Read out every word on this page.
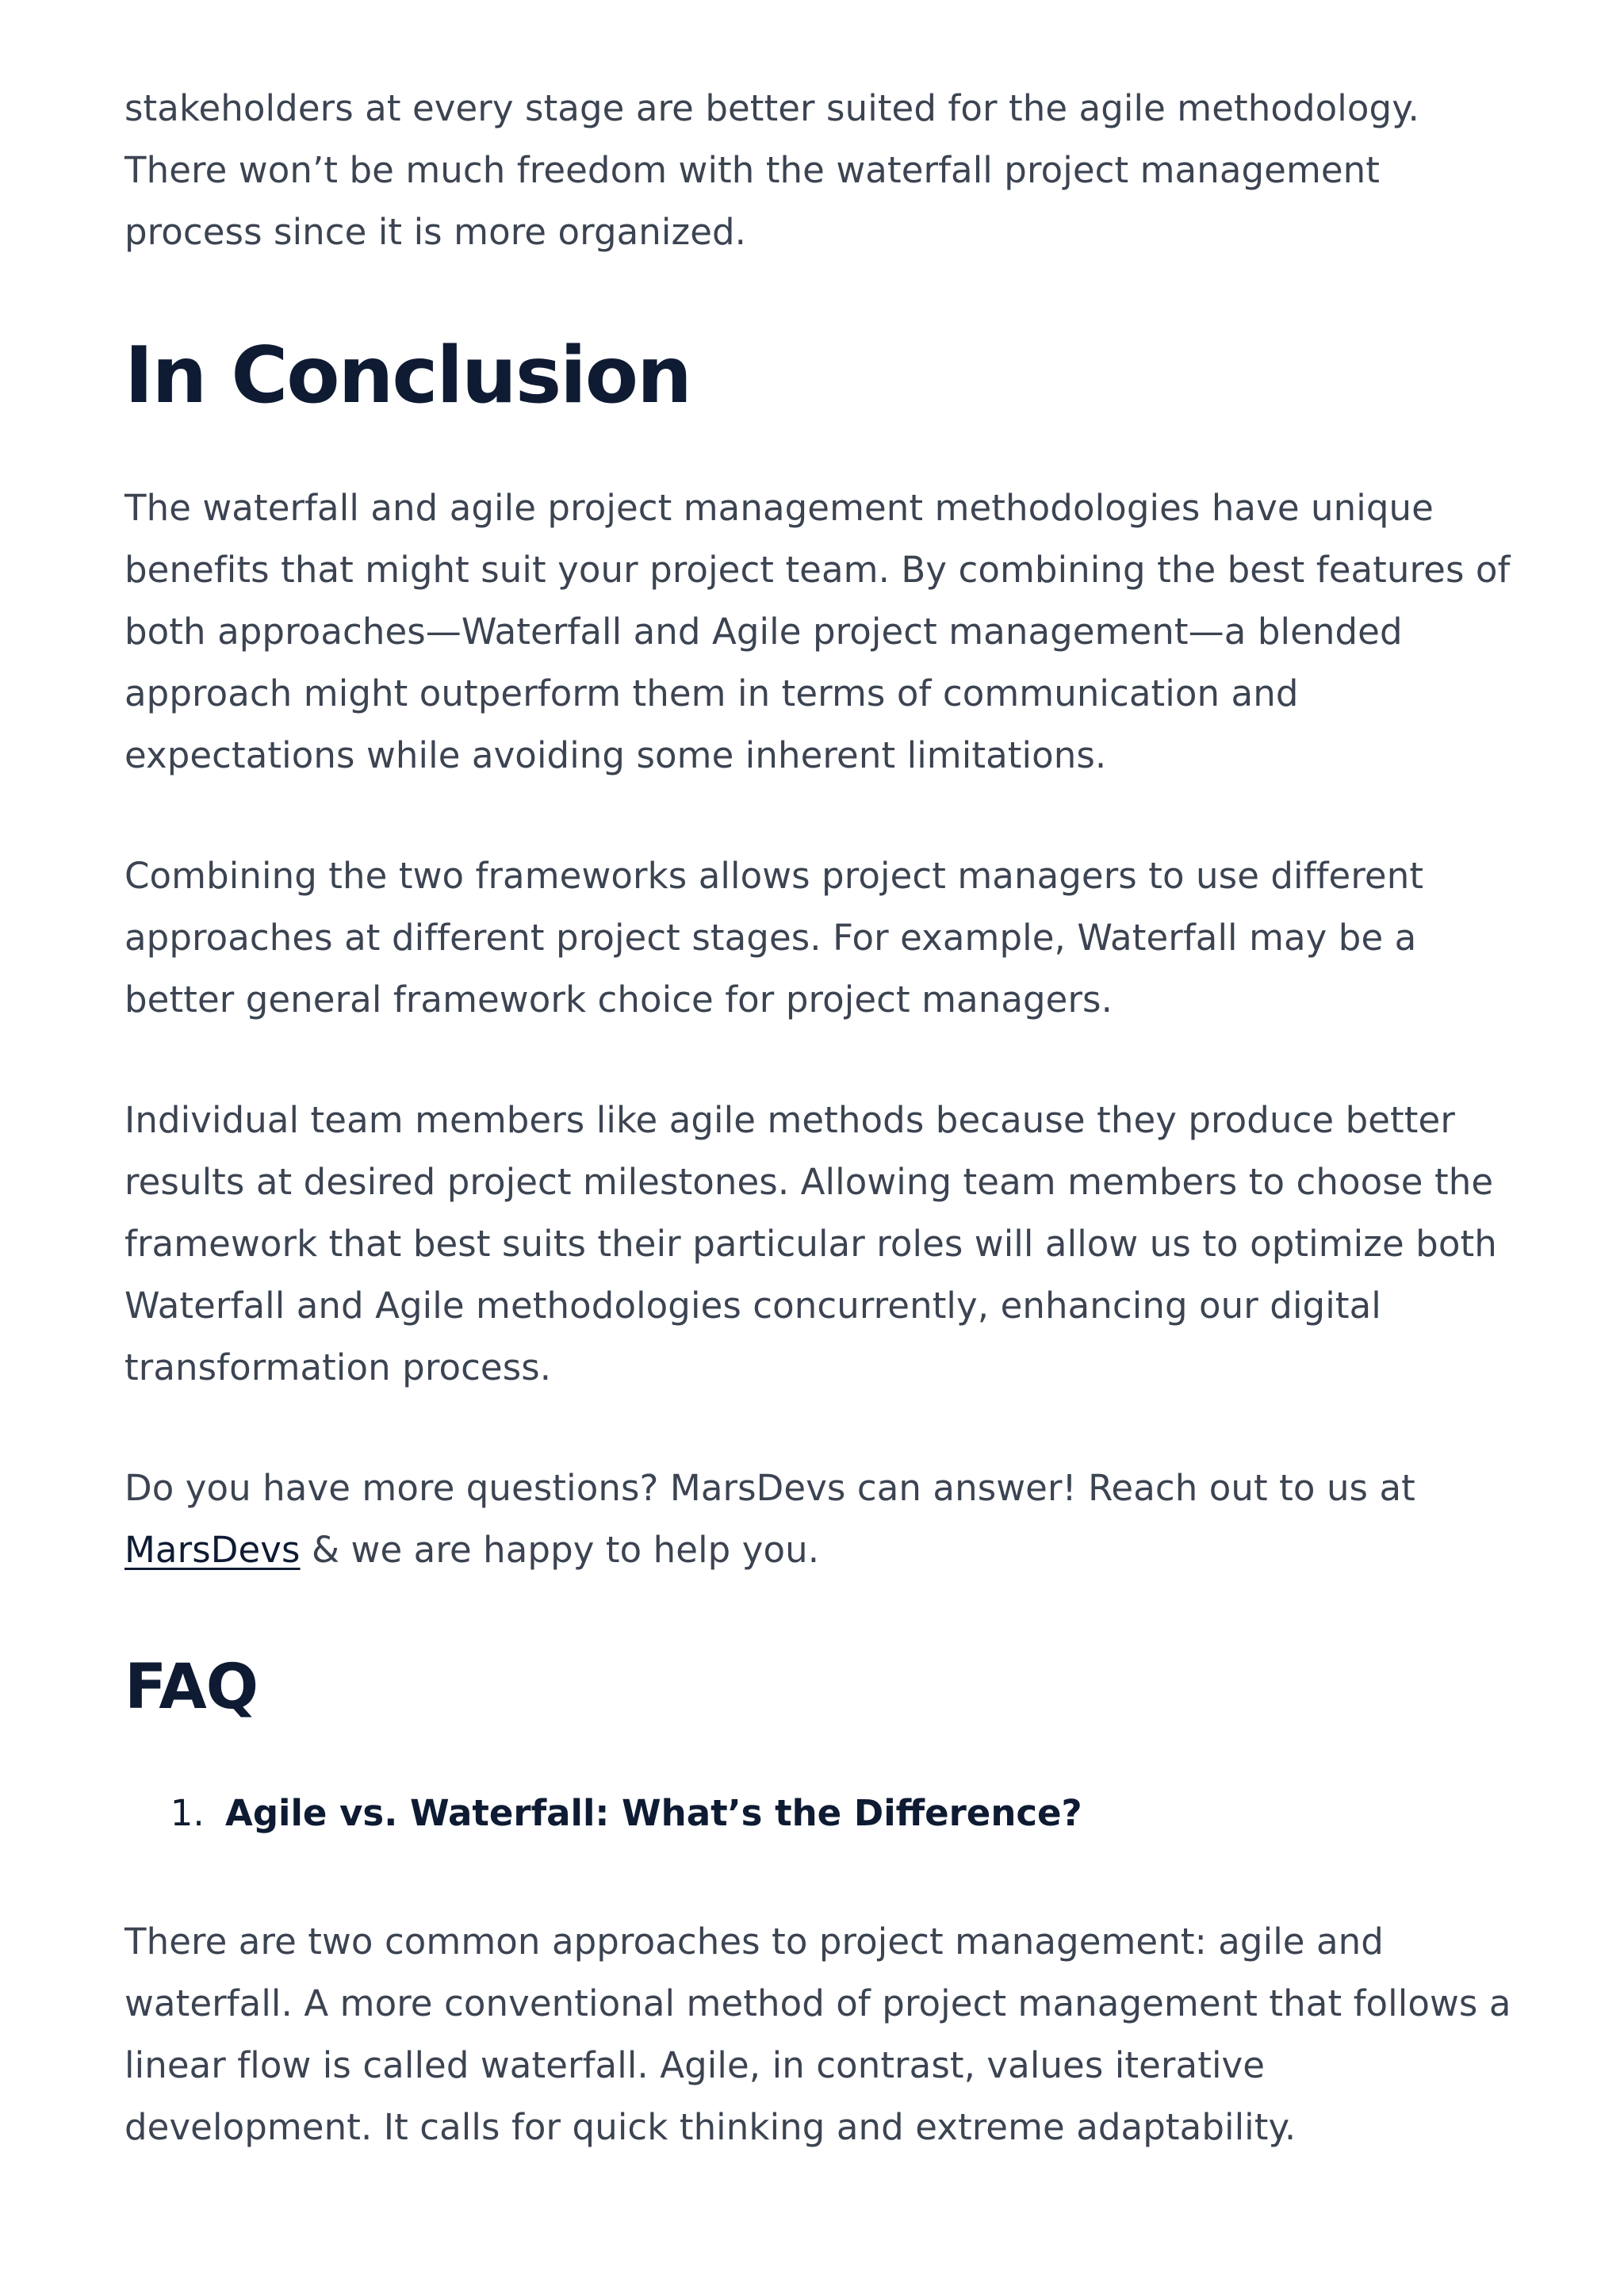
stakeholders at every stage are better suited for the agile methodology.
There won’t be much freedom with the waterfall project management
process since it is more organized.

In Conclusion

The waterfall and agile project management methodologies have unique benefits that might suit your project team. By combining the best features of both approaches—Waterfall and Agile project management—a blended approach might outperform them in terms of communication and expectations while avoiding some inherent limitations.

Combining the two frameworks allows project managers to use different approaches at different project stages. For example, Waterfall may be a better general framework choice for project managers.

Individual team members like agile methods because they produce better results at desired project milestones. Allowing team members to choose the framework that best suits their particular roles will allow us to optimize both Waterfall and Agile methodologies concurrently, enhancing our digital transformation process.

Do you have more questions? MarsDevs can answer! Reach out to us at
MarsDevs & we are happy to help you.

FAQ
1. Agile vs. Waterfall: What’s the Difference?

There are two common approaches to project management: agile and waterfall. A more conventional method of project management that follows a linear flow is called waterfall. Agile, in contrast, values iterative development. It calls for quick thinking and extreme adaptability.
